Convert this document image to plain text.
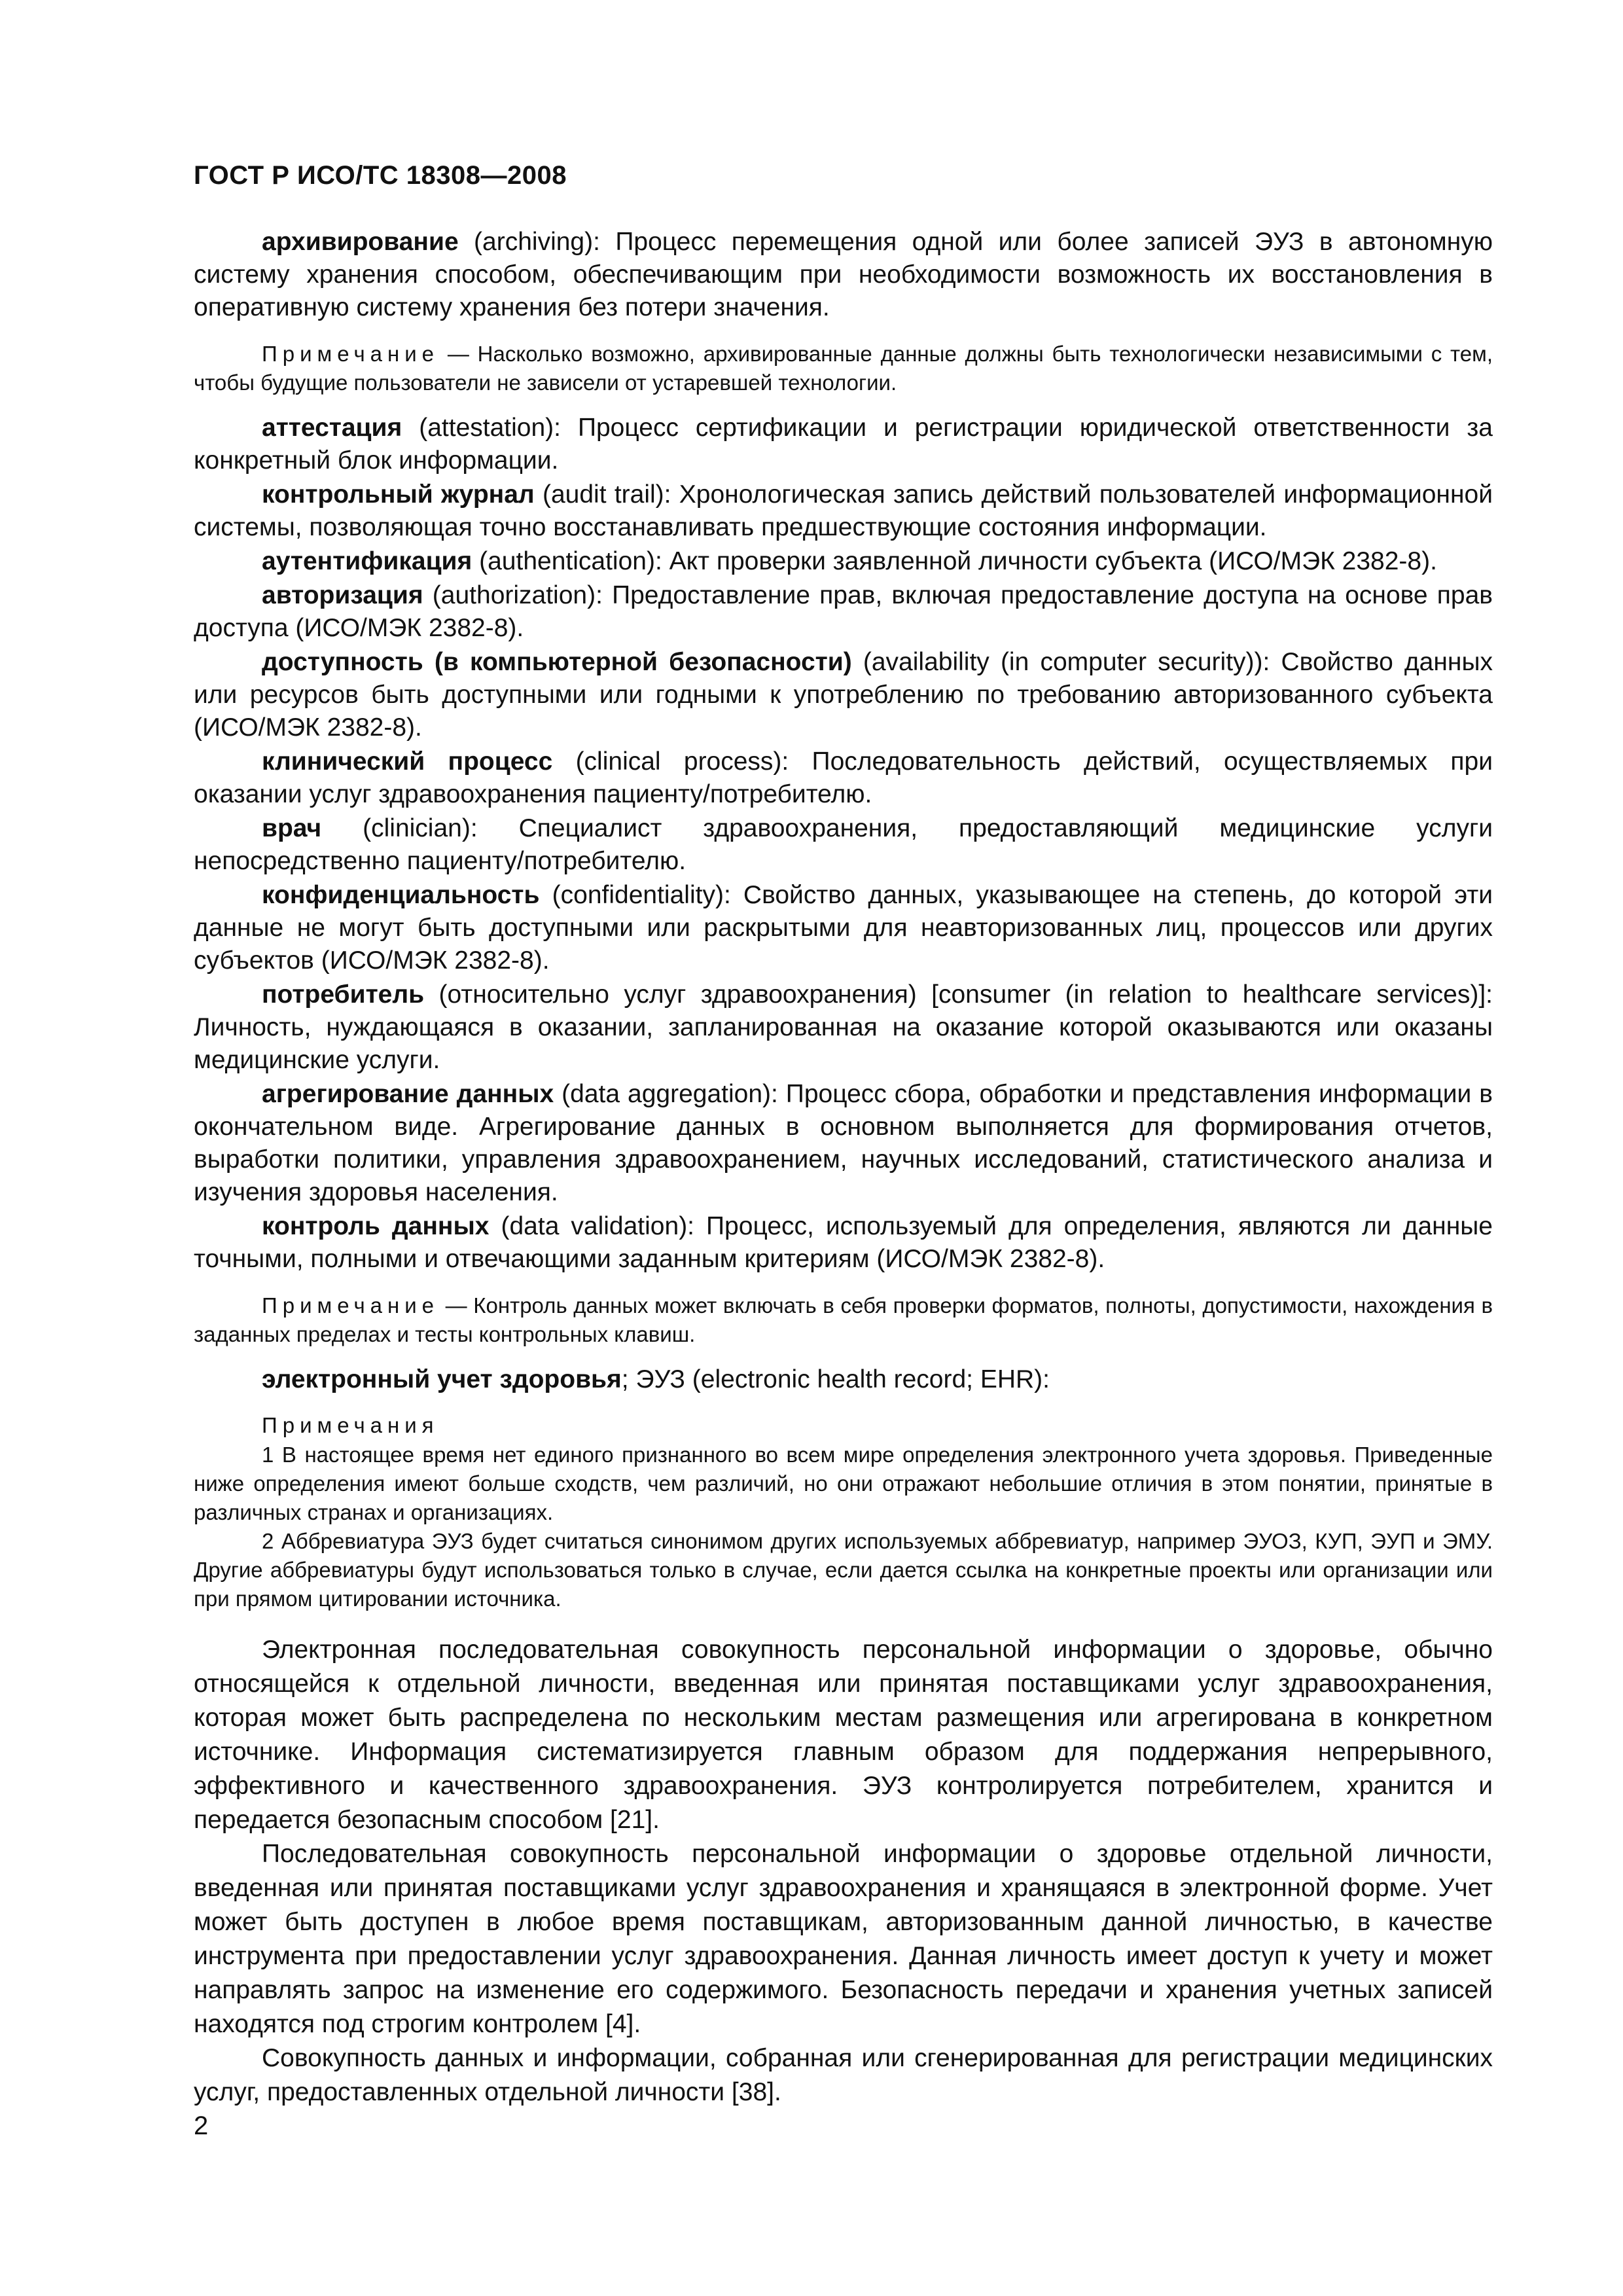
ГОСТ Р ИСО/ТС 18308—2008

архивирование (archiving): Процесс перемещения одной или более записей ЭУЗ в автономную систему хранения способом, обеспечивающим при необходимости возможность их восстановления в оперативную систему хранения без потери значения.

Примечание — Насколько возможно, архивированные данные должны быть технологически независимыми с тем, чтобы будущие пользователи не зависели от устаревшей технологии.

аттестация (attestation): Процесс сертификации и регистрации юридической ответственности за конкретный блок информации.

контрольный журнал (audit trail): Хронологическая запись действий пользователей информационной системы, позволяющая точно восстанавливать предшествующие состояния информации.

аутентификация (authentication): Акт проверки заявленной личности субъекта (ИСО/МЭК 2382-8).

авторизация (authorization): Предоставление прав, включая предоставление доступа на основе прав доступа (ИСО/МЭК 2382-8).

доступность (в компьютерной безопасности) (availability (in computer security)): Свойство данных или ресурсов быть доступными или годными к употреблению по требованию авторизованного субъекта (ИСО/МЭК 2382-8).

клинический процесс (clinical process): Последовательность действий, осуществляемых при оказании услуг здравоохранения пациенту/потребителю.

врач (clinician): Специалист здравоохранения, предоставляющий медицинские услуги непосредственно пациенту/потребителю.

конфиденциальность (confidentiality): Свойство данных, указывающее на степень, до которой эти данные не могут быть доступными или раскрытыми для неавторизованных лиц, процессов или других субъектов (ИСО/МЭК 2382-8).

потребитель (относительно услуг здравоохранения) [consumer (in relation to healthcare services)]: Личность, нуждающаяся в оказании, запланированная на оказание которой оказываются или оказаны медицинские услуги.

агрегирование данных (data aggregation): Процесс сбора, обработки и представления информации в окончательном виде. Агрегирование данных в основном выполняется для формирования отчетов, выработки политики, управления здравоохранением, научных исследований, статистического анализа и изучения здоровья населения.

контроль данных (data validation): Процесс, используемый для определения, являются ли данные точными, полными и отвечающими заданным критериям (ИСО/МЭК 2382-8).

Примечание — Контроль данных может включать в себя проверки форматов, полноты, допустимости, нахождения в заданных пределах и тесты контрольных клавиш.

электронный учет здоровья; ЭУЗ (electronic health record; EHR):

Примечания

1 В настоящее время нет единого признанного во всем мире определения электронного учета здоровья. Приведенные ниже определения имеют больше сходств, чем различий, но они отражают небольшие отличия в этом понятии, принятые в различных странах и организациях.

2 Аббревиатура ЭУЗ будет считаться синонимом других используемых аббревиатур, например ЭУОЗ, КУП, ЭУП и ЭМУ. Другие аббревиатуры будут использоваться только в случае, если дается ссылка на конкретные проекты или организации или при прямом цитировании источника.

Электронная последовательная совокупность персональной информации о здоровье, обычно относящейся к отдельной личности, введенная или принятая поставщиками услуг здравоохранения, которая может быть распределена по нескольким местам размещения или агрегирована в конкретном источнике. Информация систематизируется главным образом для поддержания непрерывного, эффективного и качественного здравоохранения. ЭУЗ контролируется потребителем, хранится и передается безопасным способом [21].

Последовательная совокупность персональной информации о здоровье отдельной личности, введенная или принятая поставщиками услуг здравоохранения и хранящаяся в электронной форме. Учет может быть доступен в любое время поставщикам, авторизованным данной личностью, в качестве инструмента при предоставлении услуг здравоохранения. Данная личность имеет доступ к учету и может направлять запрос на изменение его содержимого. Безопасность передачи и хранения учетных записей находятся под строгим контролем [4].

Совокупность данных и информации, собранная или сгенерированная для регистрации медицинских услуг, предоставленных отдельной личности [38].

2
